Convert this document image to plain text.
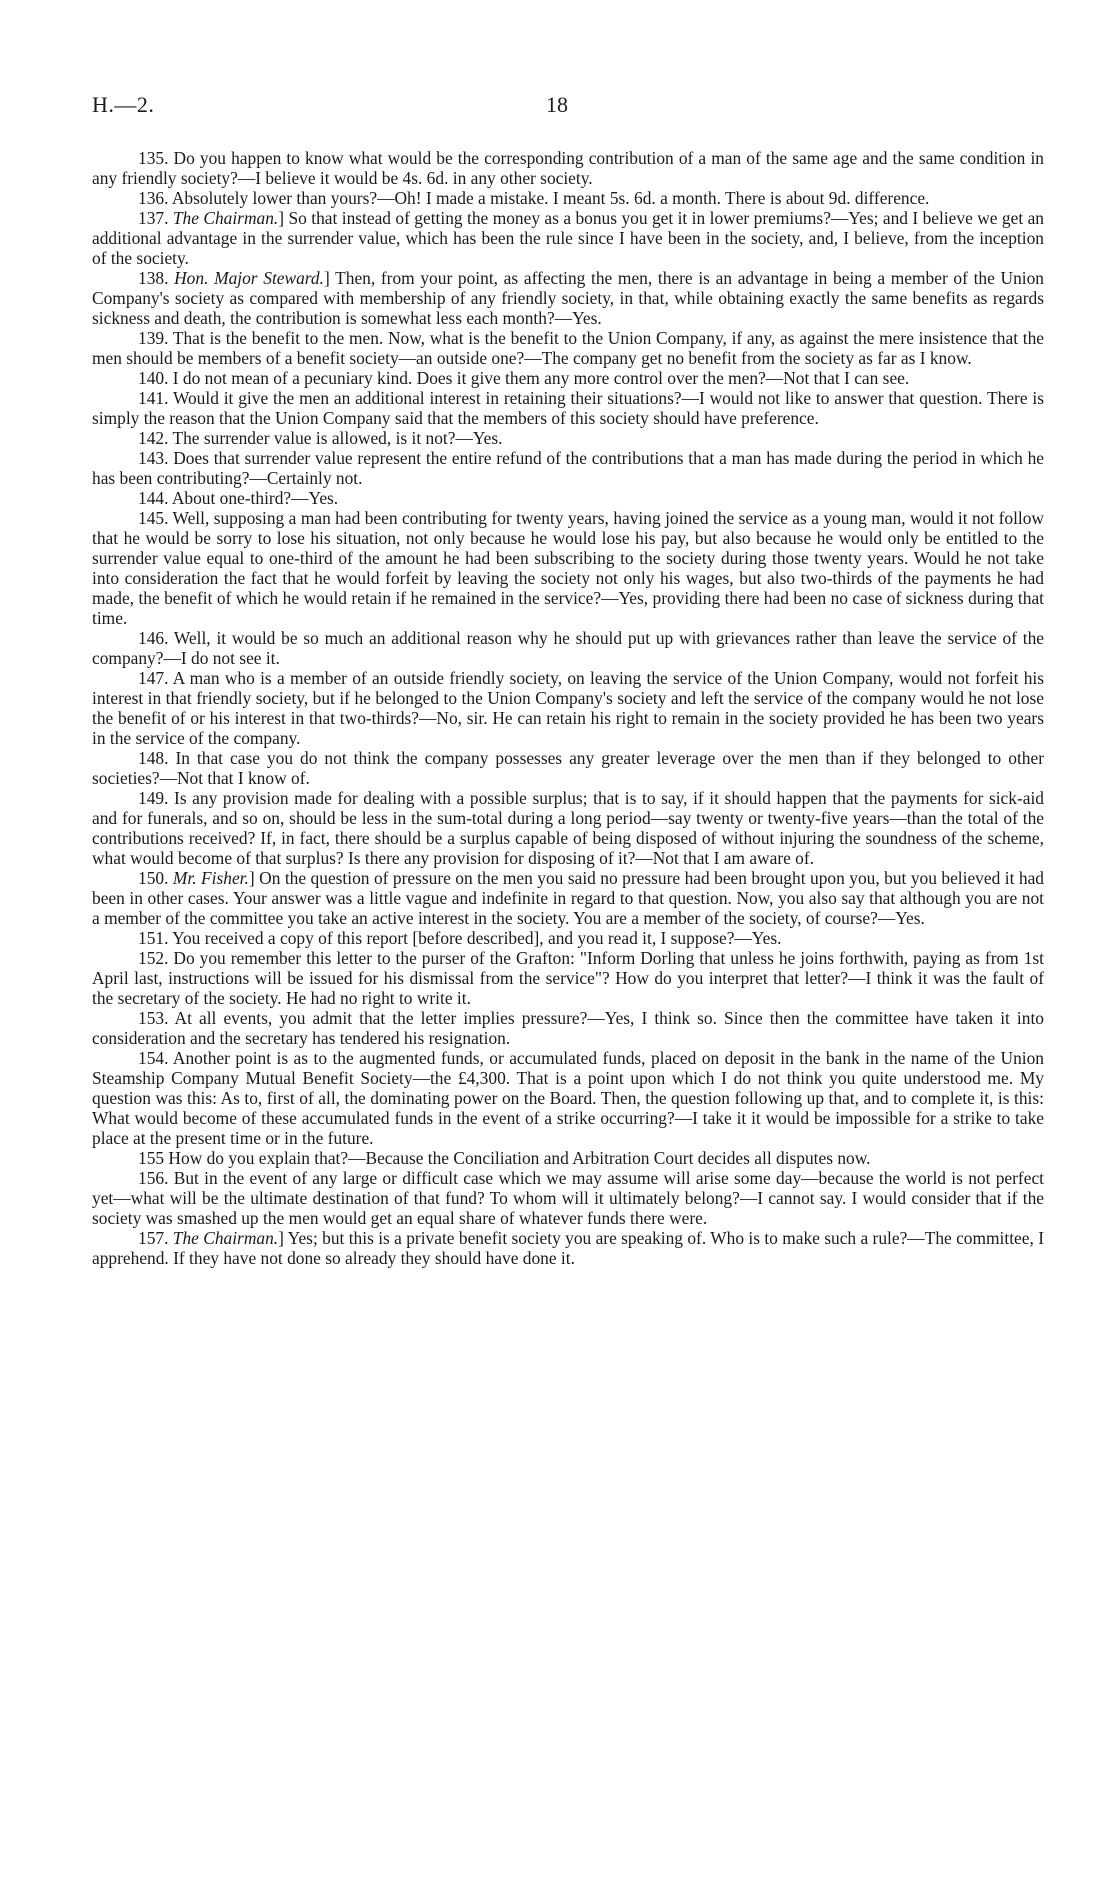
H.—2.	18

135. Do you happen to know what would be the corresponding contribution of a man of the same age and the same condition in any friendly society?—I believe it would be 4s. 6d. in any other society.

136. Absolutely lower than yours?—Oh! I made a mistake. I meant 5s. 6d. a month. There is about 9d. difference.

137. The Chairman.] So that instead of getting the money as a bonus you get it in lower premiums?—Yes; and I believe we get an additional advantage in the surrender value, which has been the rule since I have been in the society, and, I believe, from the inception of the society.

138. Hon. Major Steward.] Then, from your point, as affecting the men, there is an advantage in being a member of the Union Company's society as compared with membership of any friendly society, in that, while obtaining exactly the same benefits as regards sickness and death, the contribution is somewhat less each month?—Yes.

139. That is the benefit to the men. Now, what is the benefit to the Union Company, if any, as against the mere insistence that the men should be members of a benefit society—an outside one?—The company get no benefit from the society as far as I know.

140. I do not mean of a pecuniary kind. Does it give them any more control over the men?—Not that I can see.

141. Would it give the men an additional interest in retaining their situations?—I would not like to answer that question. There is simply the reason that the Union Company said that the members of this society should have preference.

142. The surrender value is allowed, is it not?—Yes.

143. Does that surrender value represent the entire refund of the contributions that a man has made during the period in which he has been contributing?—Certainly not.

144. About one-third?—Yes.

145. Well, supposing a man had been contributing for twenty years, having joined the service as a young man, would it not follow that he would be sorry to lose his situation, not only because he would lose his pay, but also because he would only be entitled to the surrender value equal to one-third of the amount he had been subscribing to the society during those twenty years. Would he not take into consideration the fact that he would forfeit by leaving the society not only his wages, but also two-thirds of the payments he had made, the benefit of which he would retain if he remained in the service?—Yes, providing there had been no case of sickness during that time.

146. Well, it would be so much an additional reason why he should put up with grievances rather than leave the service of the company?—I do not see it.

147. A man who is a member of an outside friendly society, on leaving the service of the Union Company, would not forfeit his interest in that friendly society, but if he belonged to the Union Company's society and left the service of the company would he not lose the benefit of or his interest in that two-thirds?—No, sir. He can retain his right to remain in the society provided he has been two years in the service of the company.

148. In that case you do not think the company possesses any greater leverage over the men than if they belonged to other societies?—Not that I know of.

149. Is any provision made for dealing with a possible surplus; that is to say, if it should happen that the payments for sick-aid and for funerals, and so on, should be less in the sum-total during a long period—say twenty or twenty-five years—than the total of the contributions received? If, in fact, there should be a surplus capable of being disposed of without injuring the soundness of the scheme, what would become of that surplus? Is there any provision for disposing of it?—Not that I am aware of.

150. Mr. Fisher.] On the question of pressure on the men you said no pressure had been brought upon you, but you believed it had been in other cases. Your answer was a little vague and indefinite in regard to that question. Now, you also say that although you are not a member of the committee you take an active interest in the society. You are a member of the society, of course?—Yes.

151. You received a copy of this report [before described], and you read it, I suppose?—Yes.

152. Do you remember this letter to the purser of the Grafton: "Inform Dorling that unless he joins forthwith, paying as from 1st April last, instructions will be issued for his dismissal from the service"? How do you interpret that letter?—I think it was the fault of the secretary of the society. He had no right to write it.

153. At all events, you admit that the letter implies pressure?—Yes, I think so. Since then the committee have taken it into consideration and the secretary has tendered his resignation.

154. Another point is as to the augmented funds, or accumulated funds, placed on deposit in the bank in the name of the Union Steamship Company Mutual Benefit Society—the £4,300. That is a point upon which I do not think you quite understood me. My question was this: As to, first of all, the dominating power on the Board. Then, the question following up that, and to complete it, is this: What would become of these accumulated funds in the event of a strike occurring?—I take it it would be impossible for a strike to take place at the present time or in the future.

155 How do you explain that?—Because the Conciliation and Arbitration Court decides all disputes now.

156. But in the event of any large or difficult case which we may assume will arise some day—because the world is not perfect yet—what will be the ultimate destination of that fund? To whom will it ultimately belong?—I cannot say. I would consider that if the society was smashed up the men would get an equal share of whatever funds there were.

157. The Chairman.] Yes; but this is a private benefit society you are speaking of. Who is to make such a rule?—The committee, I apprehend. If they have not done so already they should have done it.
